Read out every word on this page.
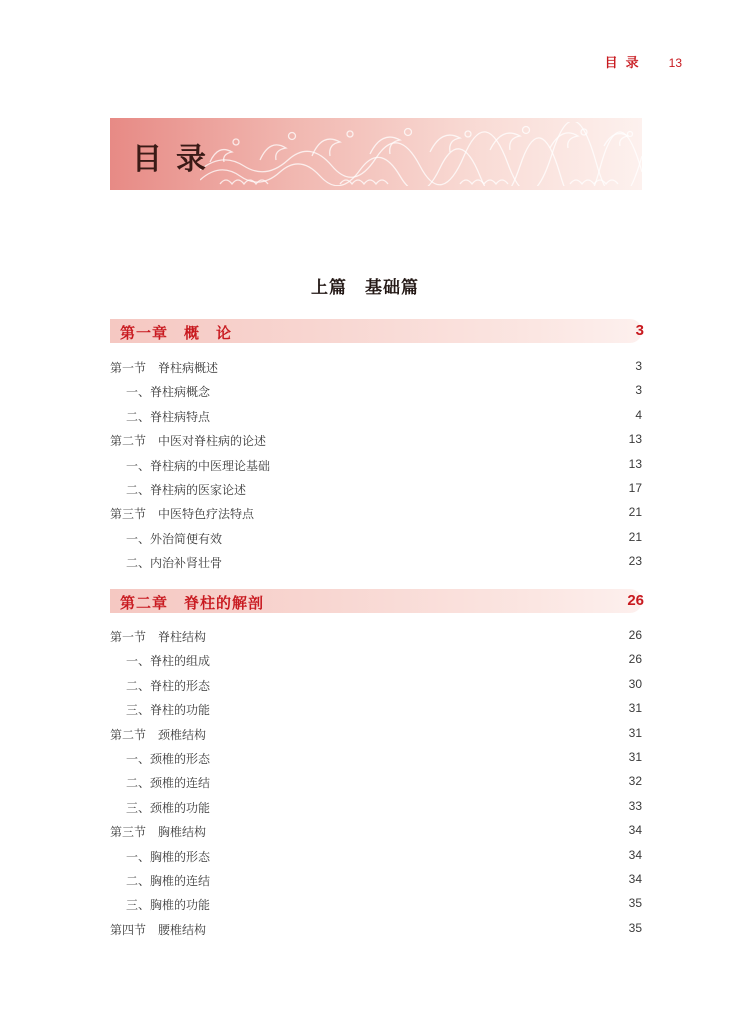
目录 13
目录
上篇　基础篇
第一章　概　论	3
第一节　脊柱病概述	3
一、脊柱病概念	3
二、脊柱病特点	4
第二节　中医对脊柱病的论述	13
一、脊柱病的中医理论基础	13
二、脊柱病的医家论述	17
第三节　中医特色疗法特点	21
一、外治简便有效	21
二、内治补肾壮骨	23
第二章　脊柱的解剖	26
第一节　脊柱结构	26
一、脊柱的组成	26
二、脊柱的形态	30
三、脊柱的功能	31
第二节　颈椎结构	31
一、颈椎的形态	31
二、颈椎的连结	32
三、颈椎的功能	33
第三节　胸椎结构	34
一、胸椎的形态	34
二、胸椎的连结	34
三、胸椎的功能	35
第四节　腰椎结构	35
